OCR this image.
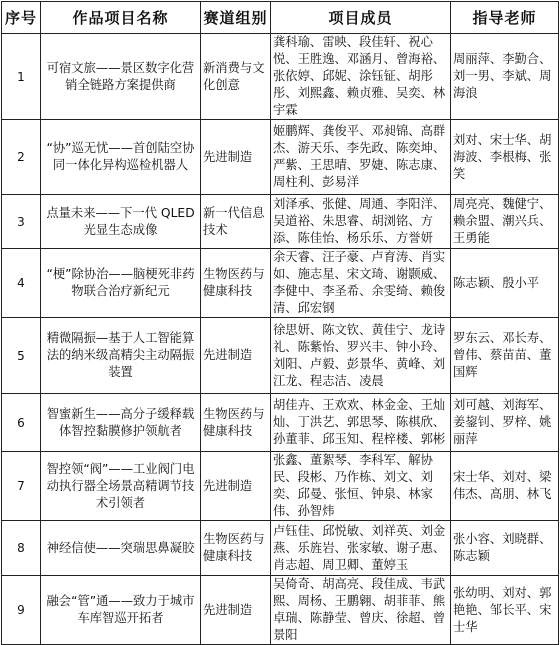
序号	作品项目名称	赛道组别	项目成员	指导老师
1	可宿文旅——景区数字化营销全链路方案提供商	新消费与文化创意	龚科瑜、雷映、段佳轩、祝心悦、王胜逸、邓涵月、曾海裕、张依婷、邱妮、涂钰钲、胡彤彤、刘熙鑫、赖贞雅、吴奕、林宇霖	周丽萍、李勤合、刘一男、李斌、周海浪
2	“协”巡无忧——首创陆空协同一体化异构巡检机器人	先进制造	姬鹏辉、龚俊平、邓昶锦、高群杰、游天乐、李先政、陈奕坤、严紫、王思晴、罗婕、陈志康、周柱利、彭易洋	刘对、宋士华、胡海波、李根梅、张笑
3	点量未来——下一代 QLED 光显生态成像	新一代信息技术	刘泽承、张健、周通、李阳洋、吴道裕、朱思睿、胡浏铭、方添、陈佳怡、杨乐乐、方誉妍	周亮亮、魏健宁、赖余盟、潮兴兵、王勇能
4	“梗”除协治——脑梗死非药物联合治疗新纪元	生物医药与健康科技	余天睿、汪子豪、卢育涛、肖实如、施志星、宋文琦、谢颢威、李健中、李圣希、余雯绮、赖俊清、邱宏钢	陈志颖、殷小平
5	精微隔振—基于人工智能算法的纳米级高精尖主动隔振装置	先进制造	徐思妍、陈文钦、黄佳宁、龙诗礼、陈紫怡、罗兴丰、钟小玲、刘阳、卢毅、彭景华、黄峰、刘江龙、程志洁、凌晨	罗东云、邓长寿、曾伟、蔡苗苗、董国辉
6	智蜜新生——高分子缓释载体智控黏膜修护领航者	生物医药与健康科技	胡佳卉、王欢欢、林金金、王灿灿、丁洪艺、郭思琴、陈棋欣、孙董菲、邱玉知、程梓楼、郭彬	刘可越、刘海军、姜鋆钊、罗梓、姚丽萍
7	智控领“阀”——工业阀门电动执行器全场景高精调节技术引领者	先进制造	张鑫、董絮琴、李科军、解协民、段彬、乃作栋、刘文、刘奕、邱曼、张恒、钟泉、林家伟、孙智炜	宋士华、刘对、梁伟杰、高朋、林飞
8	神经信使——突瑞思鼻凝胶	生物医药与健康科技	卢钰佳、邱悦敏、刘祥英、刘金燕、乐旌岩、张家敏、谢子惠、肖志超、周卫卿、董婷玉	张小容、刘晓群、陈志颖
9	融会“管”通——致力于城市车库智巡开拓者	先进制造	吴倚奇、胡高亮、段佳成、韦武熙、周杨、王鹏翱、胡菲菲、熊卓瑞、陈静莹、曾庆、徐超、曾景阳	张幼明、刘对、郭艳艳、邹长平、宋士华
